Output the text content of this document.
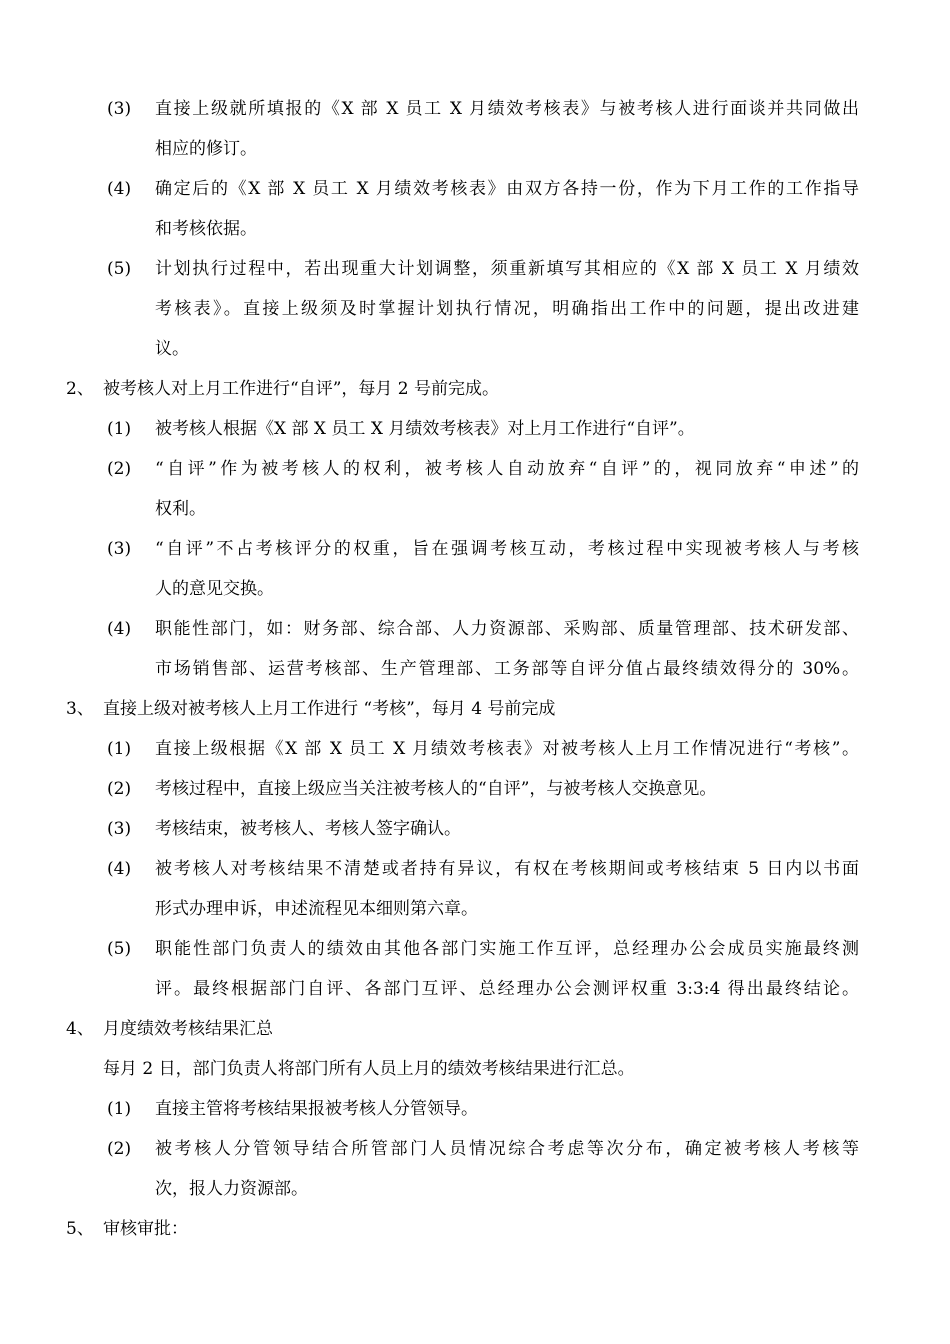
(3) 直接上级就所填报的《X 部 X 员工 X 月绩效考核表》与被考核人进行面谈并共同做出
相应的修订。
(4) 确定后的《X 部 X 员工 X 月绩效考核表》由双方各持一份，作为下月工作的工作指导
和考核依据。
(5) 计划执行过程中，若出现重大计划调整，须重新填写其相应的《X 部 X 员工 X 月绩效
考核表》。直接上级须及时掌握计划执行情况，明确指出工作中的问题，提出改进建
议。
2、 被考核人对上月工作进行“自评”，每月 2 号前完成。
(1) 被考核人根据《X 部 X 员工 X 月绩效考核表》对上月工作进行“自评”。
(2) “自评”作为被考核人的权利，被考核人自动放弃“自评”的，视同放弃“申述”的
权利。
(3) “自评”不占考核评分的权重，旨在强调考核互动，考核过程中实现被考核人与考核
人的意见交换。
(4) 职能性部门，如：财务部、综合部、人力资源部、采购部、质量管理部、技术研发部、
市场销售部、运营考核部、生产管理部、工务部等自评分值占最终绩效得分的 30%。
3、 直接上级对被考核人上月工作进行 “考核”，每月 4 号前完成
(1) 直接上级根据《X 部 X 员工 X 月绩效考核表》对被考核人上月工作情况进行“考核”。
(2) 考核过程中，直接上级应当关注被考核人的“自评”，与被考核人交换意见。
(3) 考核结束，被考核人、考核人签字确认。
(4) 被考核人对考核结果不清楚或者持有异议，有权在考核期间或考核结束 5 日内以书面
形式办理申诉，申述流程见本细则第六章。
(5) 职能性部门负责人的绩效由其他各部门实施工作互评，总经理办公会成员实施最终测
评。最终根据部门自评、各部门互评、总经理办公会测评权重 3:3:4 得出最终结论。
4、 月度绩效考核结果汇总
每月 2 日，部门负责人将部门所有人员上月的绩效考核结果进行汇总。
(1) 直接主管将考核结果报被考核人分管领导。
(2) 被考核人分管领导结合所管部门人员情况综合考虑等次分布，确定被考核人考核等
次，报人力资源部。
5、 审核审批：
